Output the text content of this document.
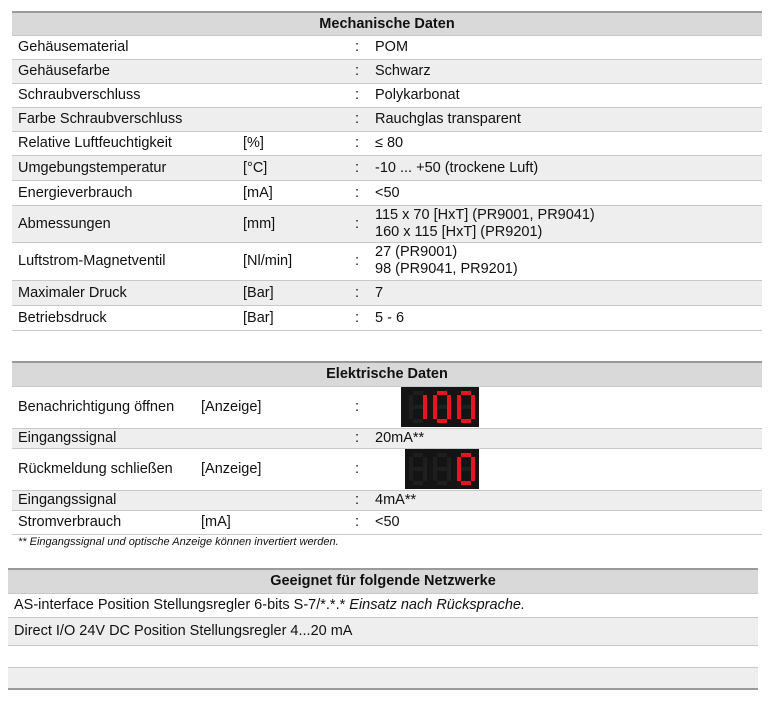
Mechanische Daten			
Gehäusematerial		:	POM
Gehäusefarbe		:	Schwarz
Schraubverschluss		:	Polykarbonat
Farbe Schraubverschluss		:	Rauchglas transparent
Relative Luftfeuchtigkeit	[%]	:	≤ 80
Umgebungstemperatur	[°C]	:	-10 ... +50 (trockene Luft)
Energieverbrauch	[mA]	:	<50
Abmessungen	[mm]	:	115 x 70 [HxT] (PR9001, PR9041)
160 x 115 [HxT] (PR9201)

Luftstrom-Magnetventil	[Nl/min]	:	27 (PR9001)
98 (PR9041, PR9201)

Maximaler Druck	[Bar]	:	7
Betriebsdruck	[Bar]	:	5 - 6
Elektrische Daten			
Benachrichtigung öffnen	[Anzeige]	:	
Eingangssignal		:	20mA**
Rückmeldung schließen	[Anzeige]	:	
Eingangssignal		:	4mA**
Stromverbrauch	[mA]	:	<50
** Eingangssignal und optische Anzeige können invertiert werden.
Geeignet für folgende Netzwerke
AS-interface Position Stellungsregler 6-bits S-7/*.*.* Einsatz nach Rücksprache.
Direct I/O 24V DC Position Stellungsregler 4...20 mA
